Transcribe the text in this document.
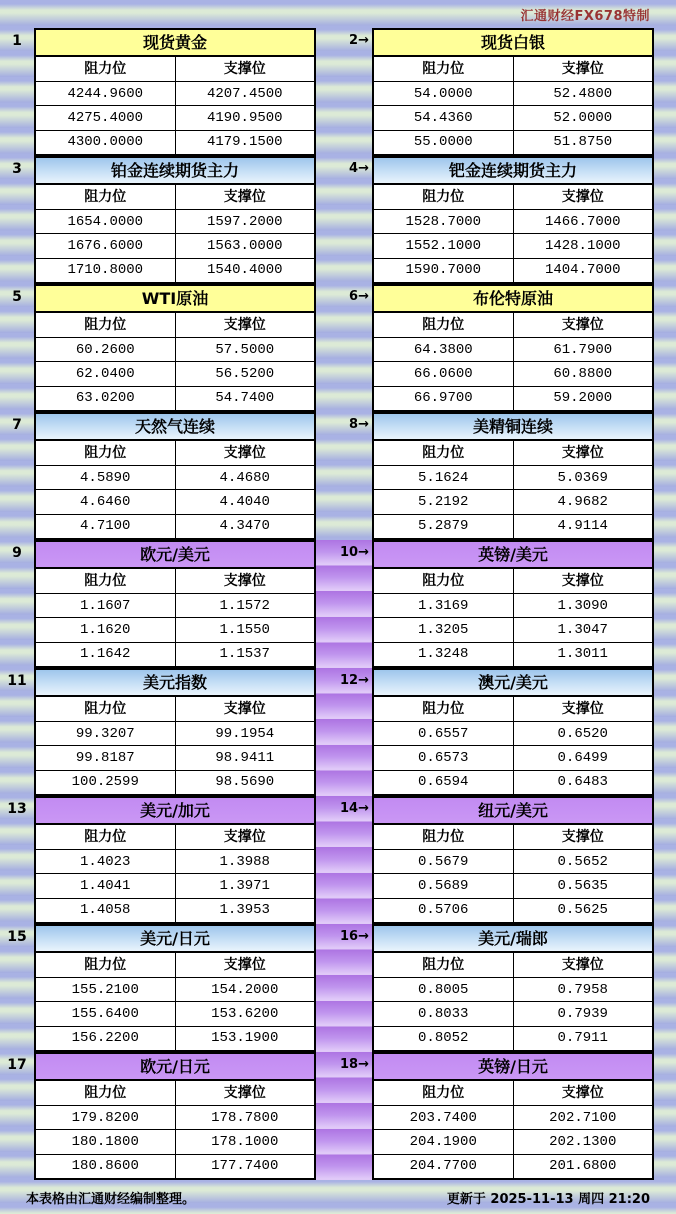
汇通财经FX678特制
1	现货黄金
阻力位	支撑位
4244.9600	4207.4500
4275.4000	4190.9500
4300.0000	4179.1500
2→	现货白银
阻力位	支撑位
54.0000	52.4800
54.4360	52.0000
55.0000	51.8750
3	铂金连续期货主力
阻力位	支撑位
1654.0000	1597.2000
1676.6000	1563.0000
1710.8000	1540.4000
4→	钯金连续期货主力
阻力位	支撑位
1528.7000	1466.7000
1552.1000	1428.1000
1590.7000	1404.7000
5	WTI原油
阻力位	支撑位
60.2600	57.5000
62.0400	56.5200
63.0200	54.7400
6→	布伦特原油
阻力位	支撑位
64.3800	61.7900
66.0600	60.8800
66.9700	59.2000
7	天然气连续
阻力位	支撑位
4.5890	4.4680
4.6460	4.4040
4.7100	4.3470
8→	美精铜连续
阻力位	支撑位
5.1624	5.0369
5.2192	4.9682
5.2879	4.9114
9	欧元/美元
阻力位	支撑位
1.1607	1.1572
1.1620	1.1550
1.1642	1.1537
10→	英镑/美元
阻力位	支撑位
1.3169	1.3090
1.3205	1.3047
1.3248	1.3011
11	美元指数
阻力位	支撑位
99.3207	99.1954
99.8187	98.9411
100.2599	98.5690
12→	澳元/美元
阻力位	支撑位
0.6557	0.6520
0.6573	0.6499
0.6594	0.6483
13	美元/加元
阻力位	支撑位
1.4023	1.3988
1.4041	1.3971
1.4058	1.3953
14→	纽元/美元
阻力位	支撑位
0.5679	0.5652
0.5689	0.5635
0.5706	0.5625
15	美元/日元
阻力位	支撑位
155.2100	154.2000
155.6400	153.6200
156.2200	153.1900
16→	美元/瑞郎
阻力位	支撑位
0.8005	0.7958
0.8033	0.7939
0.8052	0.7911
17	欧元/日元
阻力位	支撑位
179.8200	178.7800
180.1800	178.1000
180.8600	177.7400
18→	英镑/日元
阻力位	支撑位
203.7400	202.7100
204.1900	202.1300
204.7700	201.6800
本表格由汇通财经编制整理。	更新于 2025-11-13 周四 21:20
